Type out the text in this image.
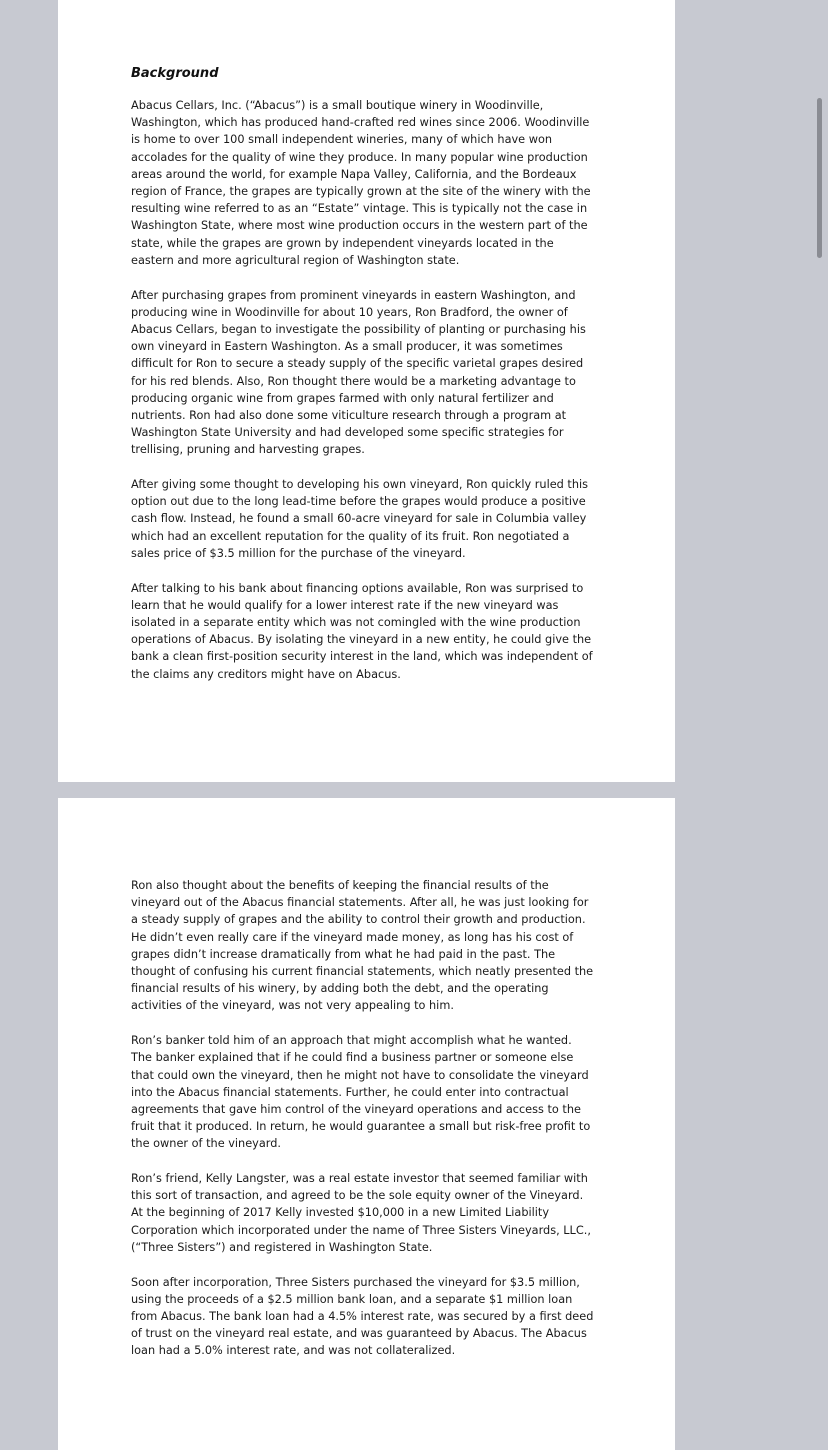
Background

Abacus Cellars, Inc. (“Abacus”) is a small boutique winery in Woodinville,
Washington, which has produced hand-crafted red wines since 2006. Woodinville
is home to over 100 small independent wineries, many of which have won
accolades for the quality of wine they produce. In many popular wine production
areas around the world, for example Napa Valley, California, and the Bordeaux
region of France, the grapes are typically grown at the site of the winery with the
resulting wine referred to as an “Estate” vintage. This is typically not the case in
Washington State, where most wine production occurs in the western part of the
state, while the grapes are grown by independent vineyards located in the
eastern and more agricultural region of Washington state.

After purchasing grapes from prominent vineyards in eastern Washington, and
producing wine in Woodinville for about 10 years, Ron Bradford, the owner of
Abacus Cellars, began to investigate the possibility of planting or purchasing his
own vineyard in Eastern Washington. As a small producer, it was sometimes
difficult for Ron to secure a steady supply of the specific varietal grapes desired
for his red blends. Also, Ron thought there would be a marketing advantage to
producing organic wine from grapes farmed with only natural fertilizer and
nutrients. Ron had also done some viticulture research through a program at
Washington State University and had developed some specific strategies for
trellising, pruning and harvesting grapes.

After giving some thought to developing his own vineyard, Ron quickly ruled this
option out due to the long lead-time before the grapes would produce a positive
cash flow. Instead, he found a small 60-acre vineyard for sale in Columbia valley
which had an excellent reputation for the quality of its fruit. Ron negotiated a
sales price of $3.5 million for the purchase of the vineyard.

After talking to his bank about financing options available, Ron was surprised to
learn that he would qualify for a lower interest rate if the new vineyard was
isolated in a separate entity which was not comingled with the wine production
operations of Abacus. By isolating the vineyard in a new entity, he could give the
bank a clean first-position security interest in the land, which was independent of
the claims any creditors might have on Abacus.

Ron also thought about the benefits of keeping the financial results of the
vineyard out of the Abacus financial statements. After all, he was just looking for
a steady supply of grapes and the ability to control their growth and production.
He didn’t even really care if the vineyard made money, as long has his cost of
grapes didn’t increase dramatically from what he had paid in the past. The
thought of confusing his current financial statements, which neatly presented the
financial results of his winery, by adding both the debt, and the operating
activities of the vineyard, was not very appealing to him.

Ron’s banker told him of an approach that might accomplish what he wanted.
The banker explained that if he could find a business partner or someone else
that could own the vineyard, then he might not have to consolidate the vineyard
into the Abacus financial statements. Further, he could enter into contractual
agreements that gave him control of the vineyard operations and access to the
fruit that it produced. In return, he would guarantee a small but risk-free profit to
the owner of the vineyard.

Ron’s friend, Kelly Langster, was a real estate investor that seemed familiar with
this sort of transaction, and agreed to be the sole equity owner of the Vineyard.
At the beginning of 2017 Kelly invested $10,000 in a new Limited Liability
Corporation which incorporated under the name of Three Sisters Vineyards, LLC.,
(“Three Sisters”) and registered in Washington State.

Soon after incorporation, Three Sisters purchased the vineyard for $3.5 million,
using the proceeds of a $2.5 million bank loan, and a separate $1 million loan
from Abacus. The bank loan had a 4.5% interest rate, was secured by a first deed
of trust on the vineyard real estate, and was guaranteed by Abacus. The Abacus
loan had a 5.0% interest rate, and was not collateralized.
